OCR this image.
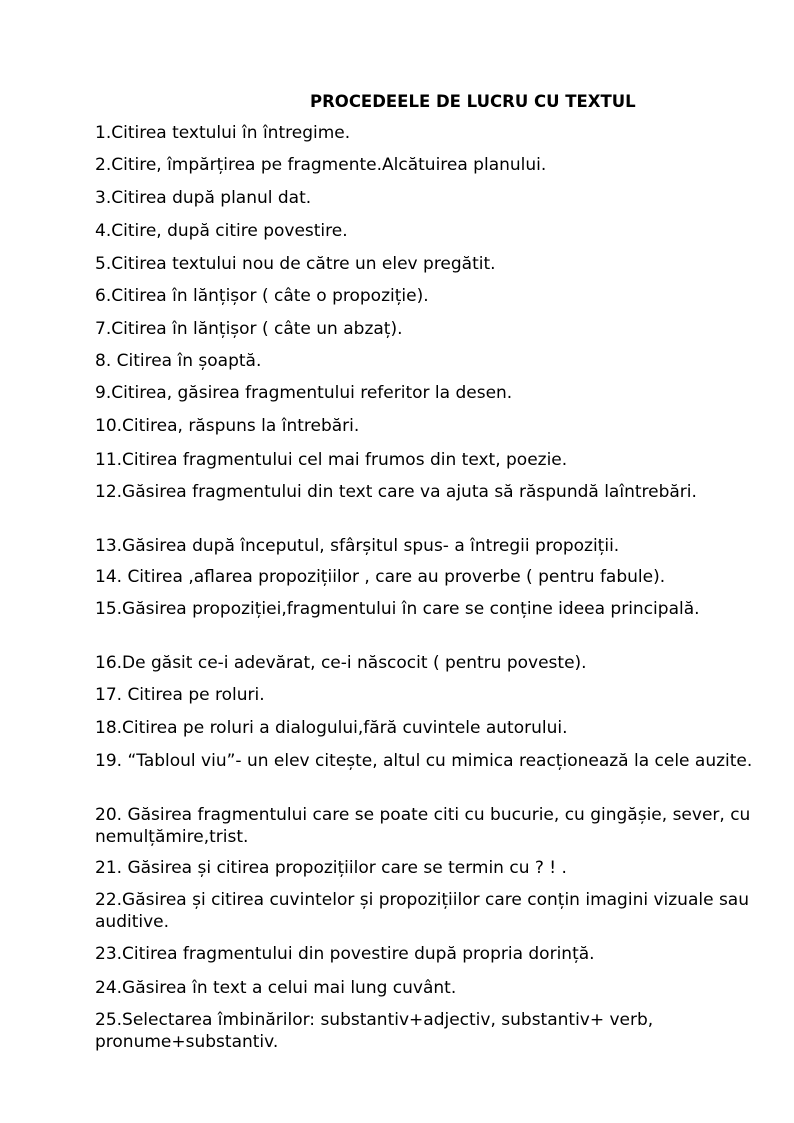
PROCEDEELE DE LUCRU CU TEXTUL
1.Citirea textului în întregime.
2.Citire, împărțirea pe fragmente.Alcătuirea planului.
3.Citirea după planul dat.
4.Citire, după citire povestire.
5.Citirea textului nou de către un elev pregătit.
6.Citirea în lănțișor ( câte o propoziție).
7.Citirea în lănțișor ( câte un abzaț).
8. Citirea în șoaptă.
9.Citirea, găsirea fragmentului referitor la desen.
10.Citirea, răspuns la întrebări.
11.Citirea fragmentului cel mai frumos din text, poezie.
12.Găsirea fragmentului din text care va ajuta să răspundă laîntrebări.
13.Găsirea după începutul, sfârșitul spus- a întregii propoziții.
14. Citirea ,aflarea propozițiilor , care au proverbe ( pentru fabule).
15.Găsirea propoziției,fragmentului în care se conține ideea principală.
16.De găsit ce-i adevărat, ce-i născocit ( pentru poveste).
17. Citirea pe roluri.
18.Citirea pe roluri a dialogului,fără cuvintele autorului.
19. “Tabloul viu”- un elev citește, altul cu mimica reacționează la cele auzite.
20. Găsirea fragmentului care se poate citi cu bucurie, cu gingășie, sever, cu nemulțămire,trist.
21. Găsirea și citirea propozițiilor care se termin cu ? ! .
22.Găsirea și citirea cuvintelor și propozițiilor care conțin imagini vizuale sau auditive.
23.Citirea fragmentului din povestire după propria dorință.
24.Găsirea în text a celui mai lung cuvânt.
25.Selectarea îmbinărilor: substantiv+adjectiv, substantiv+ verb, pronume+substantiv.
